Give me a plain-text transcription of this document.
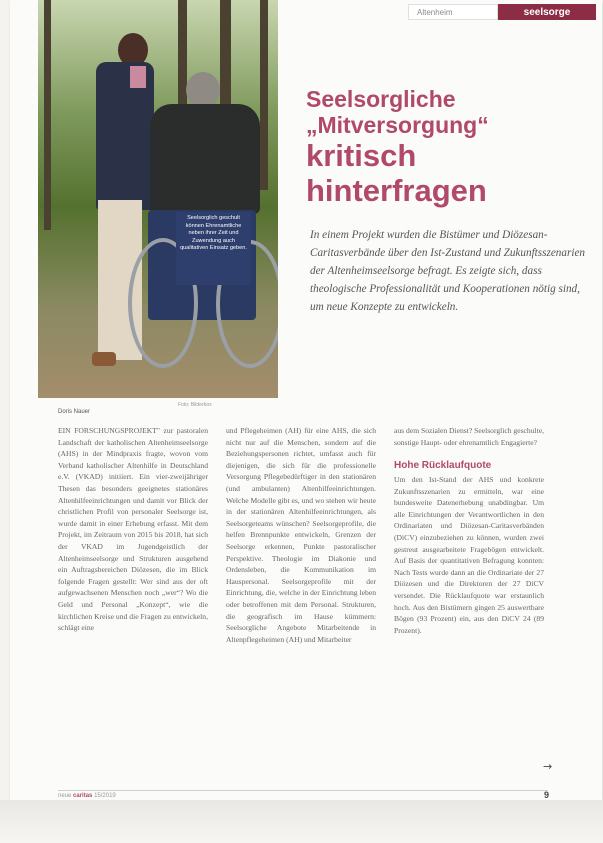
Seelsorglich geschult können Ehrenamtliche neben ihrer Zeit und Zuwendung auch qualitativen Einsatz geben.
Foto: Bilderbox
Altenheim	seelsorge
Seelsorgliche
„Mitversorgung“
kritisch
hinterfragen
In einem Projekt wurden die Bistümer und Diözesan-Caritasverbände über den Ist-Zustand und Zukunftsszenarien der Altenheimseelsorge befragt. Es zeigte sich, dass theologische Professionalität und Kooperationen nötig sind, um neue Konzepte zu entwickeln.
Doris Nauer

EIN FORSCHUNGSPROJEKT" zur pastoralen Landschaft der katholischen Altenheimseelsorge (AHS) in der Mindpraxis fragte, wovon vom Verband katholischer Altenhilfe in Deutschland e.V. (VKAD) initiiert. Ein vier-zweijähriger Thesen das besonders geeignetes stationäres Altenhilfeeinrichtungen und damit vor Blick der christlichen Profil von personaler Seelsorge ist, wurde damit in einer Erhebung erfasst. Mit dem Projekt, im Zeitraum von 2015 bis 2018, hat sich der VKAD im Jugendgeistlich der Altenheimseelsorge und Strukturen ausgehend ein Auftragsbereichen Diözesen, die im Blick folgende Fragen gestellt: Wer sind aus der oft aufgewachsenen Menschen noch „wer“? Wo die Geld und Personal „Konzept“, wie die kirchlichen Kreise und die Fragen zu entwickeln, schlägt eine

und Pflegeheimen (AH) für eine AHS, die sich nicht nur auf die Menschen, sondern auf die Beziehungspersonen richtet, umfasst auch für diejenigen, die sich für die professionelle Versorgung Pflegebedürftiger in den stationären (und ambulanten) Altenhilfeeinrichtungen. Welche Modelle gibt es, und wo stehen wir heute in der stationären Altenhilfeeinrichtungen, als Seelsorgeteams wünschen? Seelsorgeprofile, die helfen Brennpunkte entwickeln, Grenzen der Seelsorge erkennen, Punkte pastoralischer Perspektive. Theologie im Diakonie und Ordensleben, die Kommunikation im Hauspersonal. Seelsorgeprofile mit der Einrichtung, die, welche in der Einrichtung leben oder betroffenen mit dem Personal. Strukturen, die geografisch im Hause kümmern: Seelsorgliche Angebote Mitarbeitende in Altenpflegeheimen (AH) und Mitarbeiter

aus dem Sozialen Dienst? Seelsorglich geschulte, sonstige Haupt- oder ehrenamtlich Engagierte?
Hohe Rücklaufquote
Um den Ist-Stand der AHS und konkrete Zukunftsszenarien zu ermitteln, war eine bundesweite Datenerhebung unabdingbar. Um alle Einrichtungen der Verantwortlichen in den Ordinariaten und Diözesan-Caritasverbänden (DiCV) einzubeziehen zu können, wurden zwei gestreut ausgearbeitete Fragebögen entwickelt. Auf Basis der quantitativen Befragung konnten: Nach Tests wurde dann an die Ordinariate der 27 Diözesen und die Direktoren der 27 DiCV versendet. Die Rücklaufquote war erstaunlich hoch. Aus den Bistümern gingen 25 auswertbare Bögen (93 Prozent) ein, aus den DiCV 24 (89 Prozent).
→
neue caritas 15/2019	9
